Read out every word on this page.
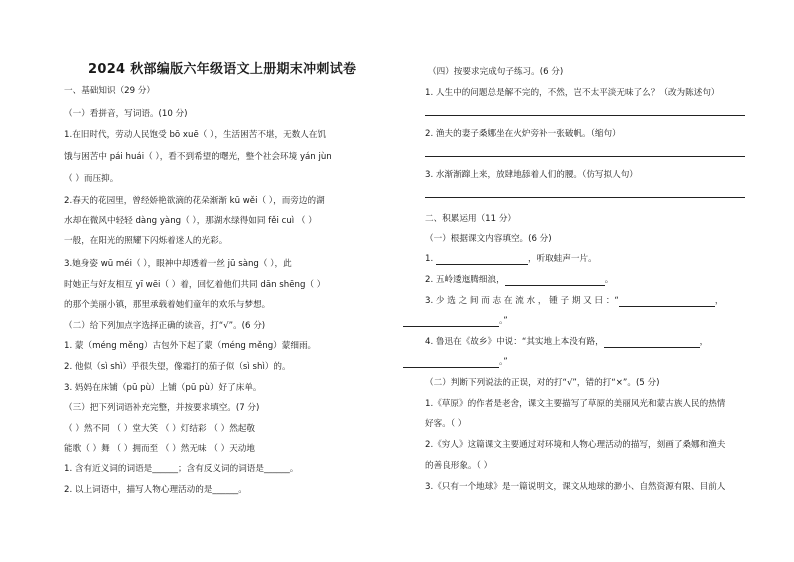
2024 秋部编版六年级语文上册期末冲刺试卷
一、基础知识（29 分）
（一）看拼音，写词语。(10 分)
1.在旧时代，劳动人民饱受 bō xuē（ ），生活困苦不堪，无数人在饥
饿与困苦中 pái huái（ ），看不到希望的曙光，整个社会环境 yán jùn
（ ）而压抑。
2.春天的花园里，曾经娇艳欲滴的花朵渐渐 kū wěi（ ），而旁边的湖
水却在微风中轻轻 dàng yàng（ ），那湖水绿得如同 fěi cuì （ ）
一般，在阳光的照耀下闪烁着迷人的光彩。
3.她身姿 wū méi（ ），眼神中却透着一丝 jū sàng（ ），此
时她正与好友相互 yī wēi（ ）着，回忆着他们共同 dān shēng（ ）
的那个美丽小镇，那里承载着她们童年的欢乐与梦想。
（二）给下列加点字选择正确的读音，打“√”。(6 分)
1. 蒙（méng měng）古包外下起了蒙（méng měng）蒙细雨。
2. 他似（sì shì）乎很失望，像霜打的茄子似（sì shì）的。
3. 妈妈在床铺（pū pù）上铺（pū pù）好了床单。
（三）把下列词语补充完整，并按要求填空。(7 分)
（ ）然不同 （ ）堂大笑 （ ）灯结彩 （ ）然起敬
能歌（ ）舞 （ ）拥而至 （ ）然无味 （ ）天动地
1. 含有近义词的词语是______；含有反义词的词语是______。
2. 以上词语中，描写人物心理活动的是______。
（四）按要求完成句子练习。(6 分)
1. 人生中的问题总是解不完的，不然，岂不太平淡无味了么？（改为陈述句）
2. 渔夫的妻子桑娜坐在火炉旁补一张破帆。（缩句）
3. 水渐渐蹿上来，放肆地舔着人们的腰。（仿写拟人句）
二、积累运用（11 分）
（一）根据课文内容填空。(6 分)
1.	，听取蛙声一片。
2. 五岭逶迤腾细浪，	。
3. 少 选 之 间 而 志 在 流 水 ， 锺 子 期 又 曰 ：“	，
。”
4. 鲁迅在《故乡》中说：“其实地上本没有路，	，
。”
（二）判断下列说法的正误，对的打“√”，错的打“×”。(5 分)
1.《草原》的作者是老舍，课文主要描写了草原的美丽风光和蒙古族人民的热情
好客。（ ）
2.《穷人》这篇课文主要通过对环境和人物心理活动的描写，刻画了桑娜和渔夫
的善良形象。（ ）
3.《只有一个地球》是一篇说明文，课文从地球的渺小、自然资源有限、目前人
